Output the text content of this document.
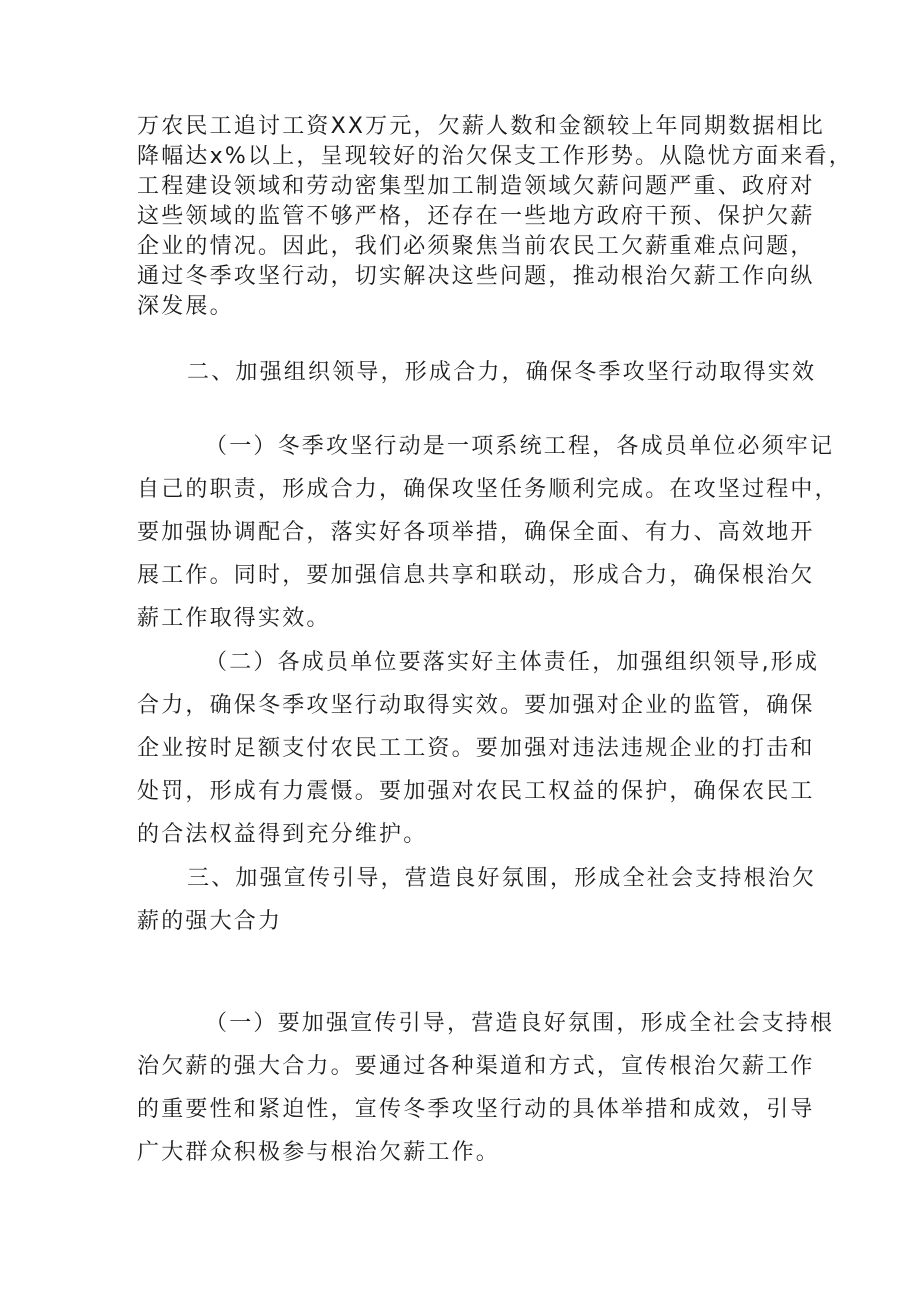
万农民工追讨工资XX万元，欠薪人数和金额较上年同期数据相比
降幅达x%以上，呈现较好的治欠保支工作形势。从隐忧方面来看，
工程建设领域和劳动密集型加工制造领域欠薪问题严重、政府对
这些领域的监管不够严格，还存在一些地方政府干预、保护欠薪
企业的情况。因此，我们必须聚焦当前农民工欠薪重难点问题，
通过冬季攻坚行动，切实解决这些问题，推动根治欠薪工作向纵
深发展。
二、加强组织领导，形成合力，确保冬季攻坚行动取得实效
（一）冬季攻坚行动是一项系统工程，各成员单位必须牢记
自己的职责，形成合力，确保攻坚任务顺利完成。在攻坚过程中，
要加强协调配合，落实好各项举措，确保全面、有力、高效地开
展工作。同时，要加强信息共享和联动，形成合力，确保根治欠
薪工作取得实效。
（二）各成员单位要落实好主体责任，加强组织领导,形成
合力，确保冬季攻坚行动取得实效。要加强对企业的监管，确保
企业按时足额支付农民工工资。要加强对违法违规企业的打击和
处罚，形成有力震慑。要加强对农民工权益的保护，确保农民工
的合法权益得到充分维护。
三、加强宣传引导，营造良好氛围，形成全社会支持根治欠
薪的强大合力
（一）要加强宣传引导，营造良好氛围，形成全社会支持根
治欠薪的强大合力。要通过各种渠道和方式，宣传根治欠薪工作
的重要性和紧迫性，宣传冬季攻坚行动的具体举措和成效，引导
广大群众积极参与根治欠薪工作。
